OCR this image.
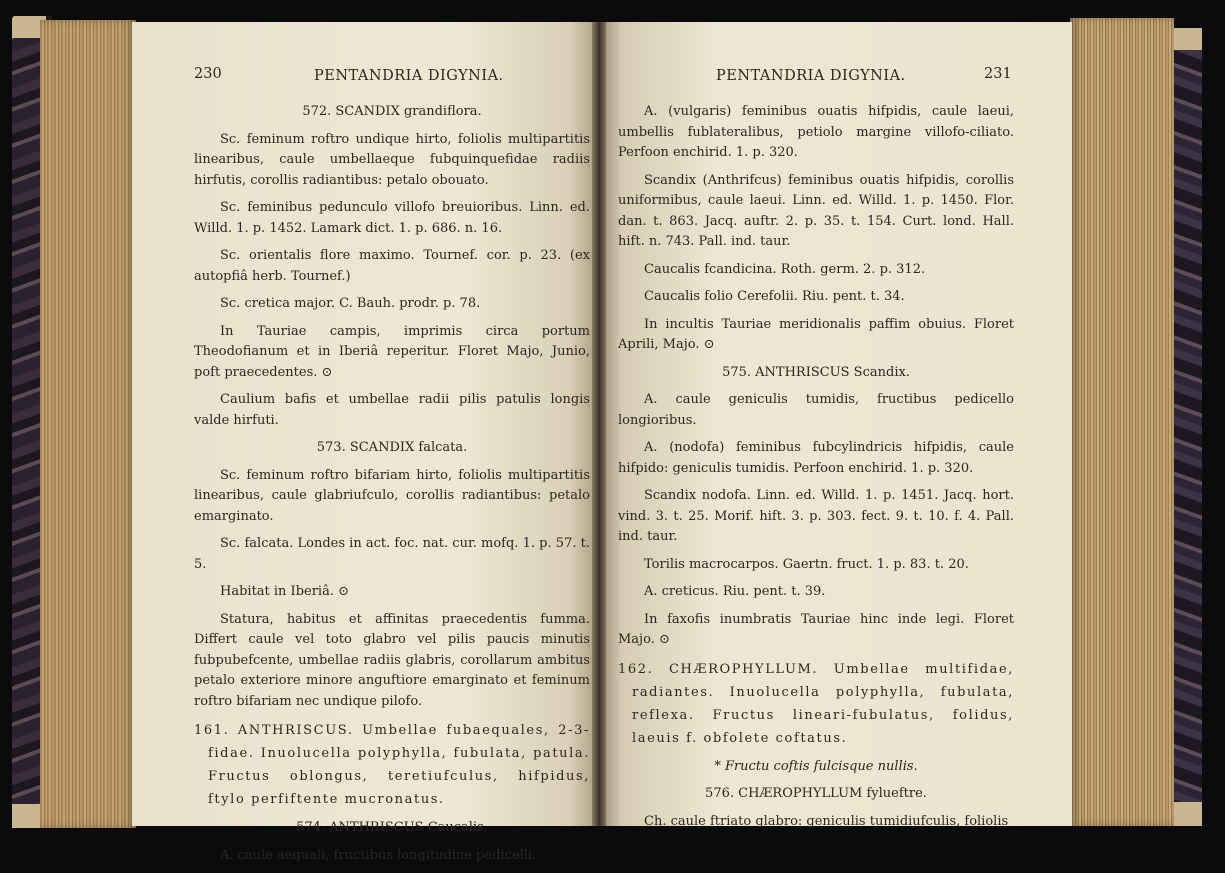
230	PENTANDRIA DIGYNIA.

572. SCANDIX grandiflora.

Sc. feminum roftro undique hirto, foliolis multipartitis linearibus, caule umbellaeque fubquinquefidae radiis hirfutis, corollis radiantibus: petalo obouato.

Sc. feminibus pedunculo villofo breuioribus. Linn. ed. Willd. 1. p. 1452. Lamark dict. 1. p. 686. n. 16.

Sc. orientalis flore maximo. Tournef. cor. p. 23. (ex autopfiâ herb. Tournef.)

Sc. cretica major. C. Bauh. prodr. p. 78.

In Tauriae campis, imprimis circa portum Theodofianum et in Iberiâ reperitur. Floret Majo, Junio, poft praecedentes. ⊙

Caulium bafis et umbellae radii pilis patulis longis valde hirfuti.

573. SCANDIX falcata.

Sc. feminum roftro bifariam hirto, foliolis multipartitis linearibus, caule glabriufculo, corollis radiantibus: petalo emarginato.

Sc. falcata. Londes in act. foc. nat. cur. mofq. 1. p. 57. t. 5.

Habitat in Iberiâ. ⊙

Statura, habitus et affinitas praecedentis fumma. Differt caule vel toto glabro vel pilis paucis minutis fubpubefcente, umbellae radiis glabris, corollarum ambitus petalo exteriore minore anguftiore emarginato et feminum roftro bifariam nec undique pilofo.

161. ANTHRISCUS. Umbellae fubaequales, 2-3-fidae. Inuolucella polyphylla, fubulata, patula. Fructus oblongus, teretiufculus, hifpidus, ftylo perfiftente mucronatus.

574. ANTHRISCUS Caucalis.

A. caule aequali, fructibus longitudine pedicelli.

PENTANDRIA DIGYNIA.	231

A. (vulgaris) feminibus ouatis hifpidis, caule laeui, umbellis fublateralibus, petiolo margine villofo-ciliato. Perfoon enchirid. 1. p. 320.

Scandix (Anthrifcus) feminibus ouatis hifpidis, corollis uniformibus, caule laeui. Linn. ed. Willd. 1. p. 1450. Flor. dan. t. 863. Jacq. auftr. 2. p. 35. t. 154. Curt. lond. Hall. hift. n. 743. Pall. ind. taur.

Caucalis fcandicina. Roth. germ. 2. p. 312.

Caucalis folio Cerefolii. Riu. pent. t. 34.

In incultis Tauriae meridionalis paffim obuius. Floret Aprili, Majo. ⊙

575. ANTHRISCUS Scandix.

A. caule geniculis tumidis, fructibus pedicello longioribus.

A. (nodofa) feminibus fubcylindricis hifpidis, caule hifpido: geniculis tumidis. Perfoon enchirid. 1. p. 320.

Scandix nodofa. Linn. ed. Willd. 1. p. 1451. Jacq. hort. vind. 3. t. 25. Morif. hift. 3. p. 303. fect. 9. t. 10. f. 4. Pall. ind. taur.

Torilis macrocarpos. Gaertn. fruct. 1. p. 83. t. 20.

A. creticus. Riu. pent. t. 39.

In faxofis inumbratis Tauriae hinc inde legi. Floret Majo. ⊙

162. CHÆROPHYLLUM. Umbellae multifidae, radiantes. Inuolucella polyphylla, fubulata, reflexa. Fructus lineari-fubulatus, folidus, laeuis f. obfolete coftatus.

* Fructu coftis fulcisque nullis.

576. CHÆROPHYLLUM fylueftre.

Ch. caule ftriato glabro: geniculis tumidiufculis, foliolis
